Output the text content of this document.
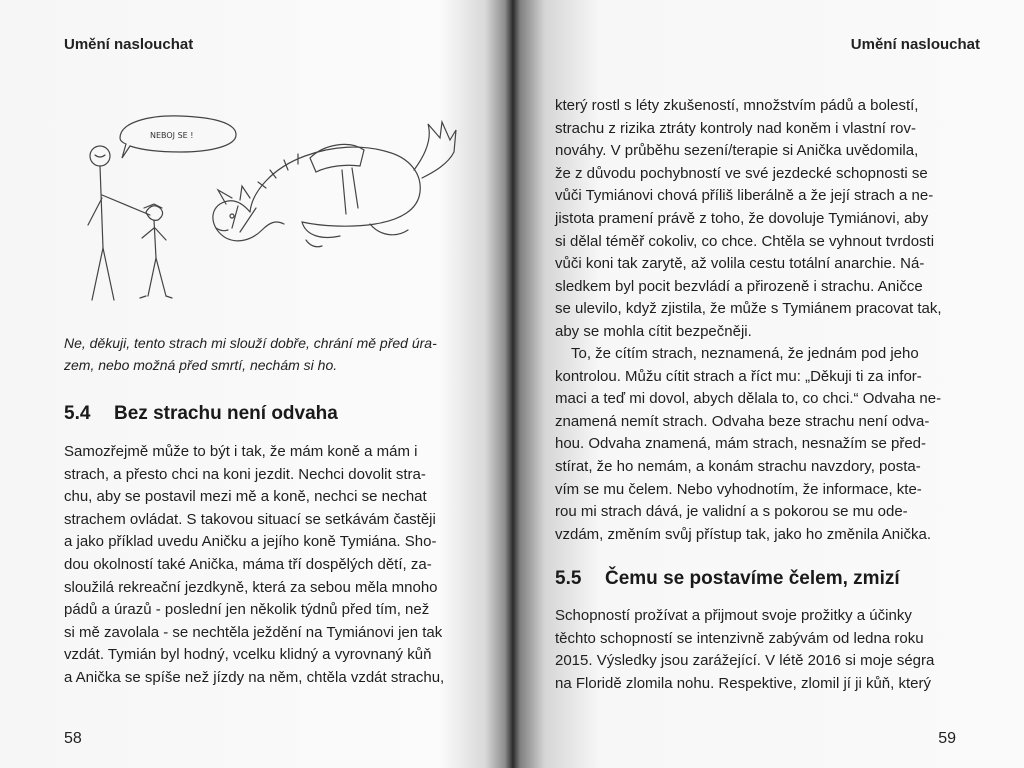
Umění naslouchat
NEBOJ SE !
Ne, děkuji, tento strach mi slouží dobře, chrání mě před úra-
zem, nebo možná před smrtí, nechám si ho.
5.4 Bez strachu není odvaha
Samozřejmě může to být i tak, že mám koně a mám i
strach, a přesto chci na koni jezdit. Nechci dovolit stra-
chu, aby se postavil mezi mě a koně, nechci se nechat
strachem ovládat. S takovou situací se setkávám častěji
a jako příklad uvedu Aničku a jejího koně Tymiána. Sho-
dou okolností také Anička, máma tří dospělých dětí, za-
sloužilá rekreační jezdkyně, která za sebou měla mnoho
pádů a úrazů - poslední jen několik týdnů před tím, než
si mě zavolala - se nechtěla ježdění na Tymiánovi jen tak
vzdát. Tymián byl hodný, vcelku klidný a vyrovnaný kůň
a Anička se spíše než jízdy na něm, chtěla vzdát strachu,
58
Umění naslouchat
který rostl s léty zkušeností, množstvím pádů a bolestí,
strachu z rizika ztráty kontroly nad koněm i vlastní rov-
nováhy. V průběhu sezení/terapie si Anička uvědomila,
že z důvodu pochybností ve své jezdecké schopnosti se
vůči Tymiánovi chová příliš liberálně a že její strach a ne-
jistota pramení právě z toho, že dovoluje Tymiánovi, aby
si dělal téměř cokoliv, co chce. Chtěla se vyhnout tvrdosti
vůči koni tak zarytě, až volila cestu totální anarchie. Ná-
sledkem byl pocit bezvládí a přirozeně i strachu. Aničce
se ulevilo, když zjistila, že může s Tymiánem pracovat tak,
aby se mohla cítit bezpečněji.
To, že cítím strach, neznamená, že jednám pod jeho
kontrolou. Můžu cítit strach a říct mu: „Děkuji ti za infor-
maci a teď mi dovol, abych dělala to, co chci.“ Odvaha ne-
znamená nemít strach. Odvaha beze strachu není odva-
hou. Odvaha znamená, mám strach, nesnažím se před-
stírat, že ho nemám, a konám strachu navzdory, posta-
vím se mu čelem. Nebo vyhodnotím, že informace, kte-
rou mi strach dává, je validní a s pokorou se mu ode-
vzdám, změním svůj přístup tak, jako ho změnila Anička.
5.5 Čemu se postavíme čelem, zmizí
Schopností prožívat a přijmout svoje prožitky a účinky
těchto schopností se intenzivně zabývám od ledna roku
2015. Výsledky jsou zarážející. V létě 2016 si moje ségra
na Floridě zlomila nohu. Respektive, zlomil jí ji kůň, který
59
